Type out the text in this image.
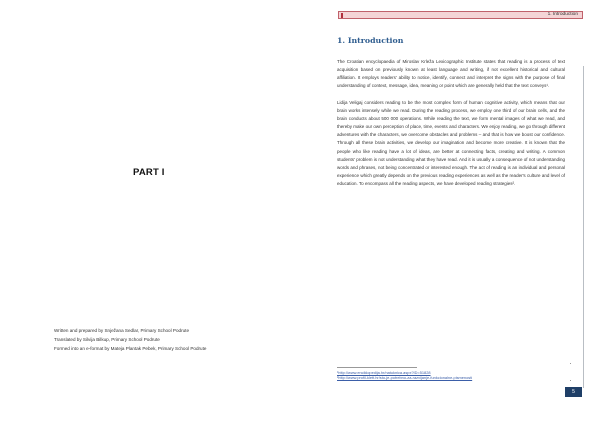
PART I
Written and prepared by Snježana Sedlar, Primary School Podrute
Translated by Silvija Bilkup, Primary School Podrute
Formed into an e-format by Mateja Plantak Pebek, Primary School Podrute
1. Introduction
1. Introduction

The Croatian encyclopaedia of Miroslav Krleža Lexicographic Institute states that reading is a process of text acquisition based on previously known at least language and writing, if not excellent historical and cultural affiliation. It employs readers' ability to notice, identify, connect and interpret the signs with the purpose of final understanding of context, message, idea, meaning or point which are generally held that the text conveys¹.

Lidija Veligaj considers reading to be the most complex form of human cognitive activity, which means that our brain works intensely while we read. During the reading process, we employ one third of our brain cells, and the brain conducts about 500 000 operations. While reading the text, we form mental images of what we read, and thereby make our own perception of place, time, events and characters. We enjoy reading, we go through different adventures with the characters, we overcome obstacles and problems – and that is how we boost our confidence. Through all these brain activities, we develop our imagination and become more creative. It is known that the people who like reading have a lot of ideas, are better at connecting facts, creating and writing. A common students' problem is not understanding what they have read. And it is usually a consequence of not understanding words and phrases, not being concentrated or interested enough. The act of reading is an individual and personal experience which greatly depends on the previous reading experiences as well as the reader's culture and level of education. To encompass all the reading aspects, we have developed reading strategies².

¹http://www.enciklopedija.hr/natuknica.aspx?ID=51828
²http://www.profil-klett.hr/sto-je-potrebno-za-razvijanje-funkcionalne-pismenosti
5
